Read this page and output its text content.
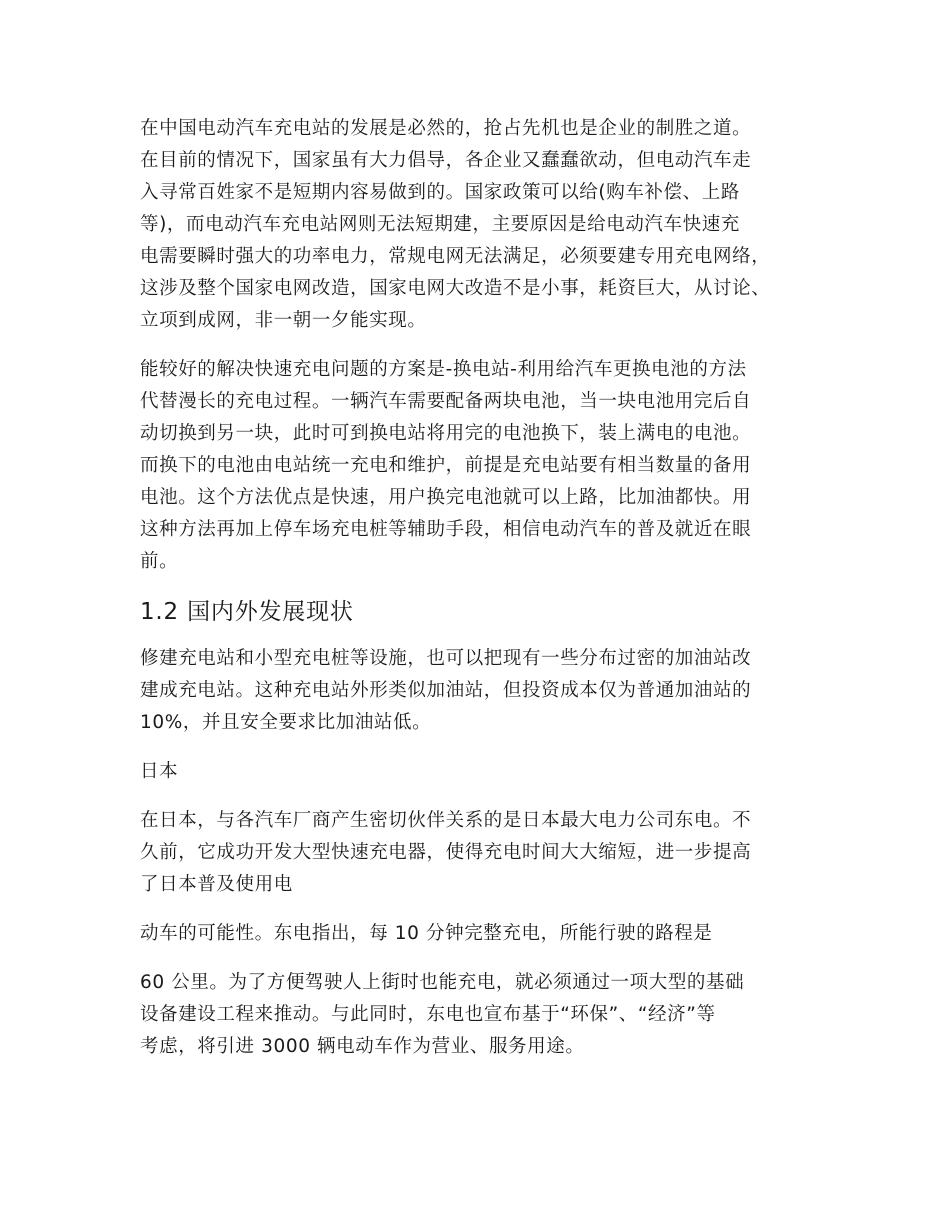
在中国电动汽车充电站的发展是必然的，抢占先机也是企业的制胜之道。
在目前的情况下，国家虽有大力倡导，各企业又蠢蠢欲动，但电动汽车走
入寻常百姓家不是短期内容易做到的。国家政策可以给(购车补偿、上路
等)，而电动汽车充电站网则无法短期建，主要原因是给电动汽车快速充
电需要瞬时强大的功率电力，常规电网无法满足，必须要建专用充电网络，
这涉及整个国家电网改造，国家电网大改造不是小事，耗资巨大，从讨论、
立项到成网，非一朝一夕能实现。
能较好的解决快速充电问题的方案是-换电站-利用给汽车更换电池的方法
代替漫长的充电过程。一辆汽车需要配备两块电池，当一块电池用完后自
动切换到另一块，此时可到换电站将用完的电池换下，装上满电的电池。
而换下的电池由电站统一充电和维护，前提是充电站要有相当数量的备用
电池。这个方法优点是快速，用户换完电池就可以上路，比加油都快。用
这种方法再加上停车场充电桩等辅助手段，相信电动汽车的普及就近在眼
前。
1.2 国内外发展现状
修建充电站和小型充电桩等设施，也可以把现有一些分布过密的加油站改
建成充电站。这种充电站外形类似加油站，但投资成本仅为普通加油站的
10%，并且安全要求比加油站低。
日本
在日本，与各汽车厂商产生密切伙伴关系的是日本最大电力公司东电。不
久前，它成功开发大型快速充电器，使得充电时间大大缩短，进一步提高
了日本普及使用电
动车的可能性。东电指出，每 10 分钟完整充电，所能行驶的路程是
60 公里。为了方便驾驶人上街时也能充电，就必须通过一项大型的基础
设备建设工程来推动。与此同时，东电也宣布基于“环保”、“经济”等
考虑，将引进 3000 辆电动车作为营业、服务用途。
